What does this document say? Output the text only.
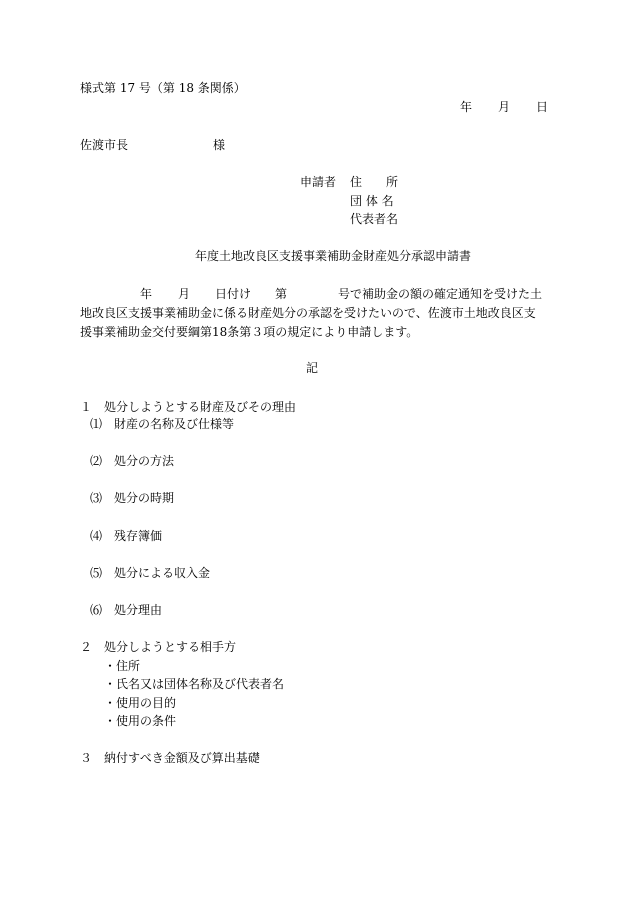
様式第 17 号（第 18 条関係）
年 月 日
佐渡市長	様
申請者 住　　所
団 体 名
代表者名
年度土地改良区支援事業補助金財産処分承認申請書
年 月 日付け 第	号で補助金の額の確定通知を受けた土
地改良区支援事業補助金に係る財産処分の承認を受けたいので、佐渡市土地改良区支
援事業補助金交付要綱第18条第３項の規定により申請します。
記
１　処分しようとする財産及びその理由
⑴　財産の名称及び仕様等
⑵　処分の方法
⑶　処分の時期
⑷　残存簿価
⑸　処分による収入金
⑹　処分理由
２　処分しようとする相手方
・住所
・氏名又は団体名称及び代表者名
・使用の目的
・使用の条件
３　納付すべき金額及び算出基礎
